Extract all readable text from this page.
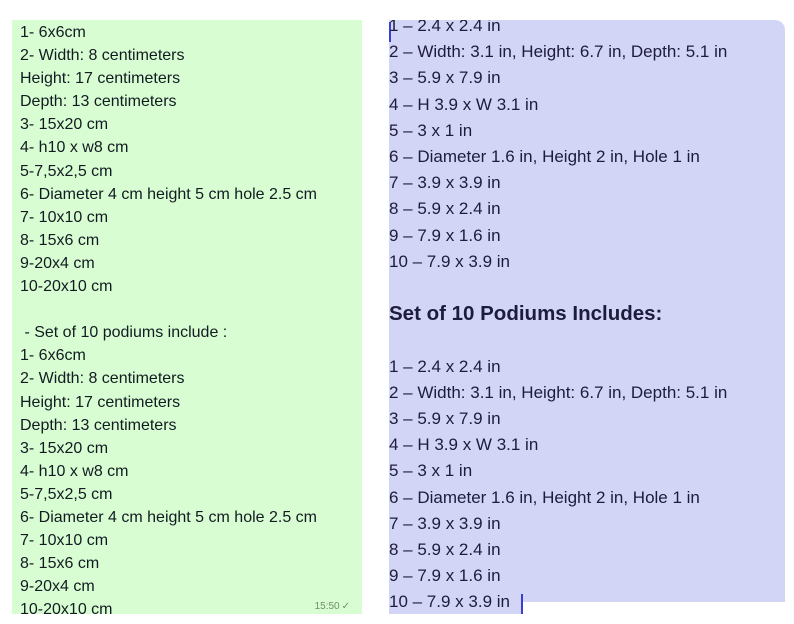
1- 6x6cm
2- Width: 8 centimeters
Height: 17 centimeters
Depth: 13 centimeters
3- 15x20 cm
4- h10 x w8 cm
5-7,5x2,5 cm
6- Diameter 4 cm height 5 cm hole 2.5 cm
7- 10x10 cm
8- 15x6 cm
9-20x4 cm
10-20x10 cm
- Set of 10 podiums include :
1- 6x6cm
2- Width: 8 centimeters
Height: 17 centimeters
Depth: 13 centimeters
3- 15x20 cm
4- h10 x w8 cm
5-7,5x2,5 cm
6- Diameter 4 cm height 5 cm hole 2.5 cm
7- 10x10 cm
8- 15x6 cm
9-20x4 cm
10-20x10 cm	15:50 ✓
1 – 2.4 x 2.4 in
2 – Width: 3.1 in, Height: 6.7 in, Depth: 5.1 in
3 – 5.9 x 7.9 in
4 – H 3.9 x W 3.1 in
5 – 3 x 1 in
6 – Diameter 1.6 in, Height 2 in, Hole 1 in
7 – 3.9 x 3.9 in
8 – 5.9 x 2.4 in
9 – 7.9 x 1.6 in
10 – 7.9 x 3.9 in
Set of 10 Podiums Includes:
1 – 2.4 x 2.4 in
2 – Width: 3.1 in, Height: 6.7 in, Depth: 5.1 in
3 – 5.9 x 7.9 in
4 – H 3.9 x W 3.1 in
5 – 3 x 1 in
6 – Diameter 1.6 in, Height 2 in, Hole 1 in
7 – 3.9 x 3.9 in
8 – 5.9 x 2.4 in
9 – 7.9 x 1.6 in
10 – 7.9 x 3.9 in
